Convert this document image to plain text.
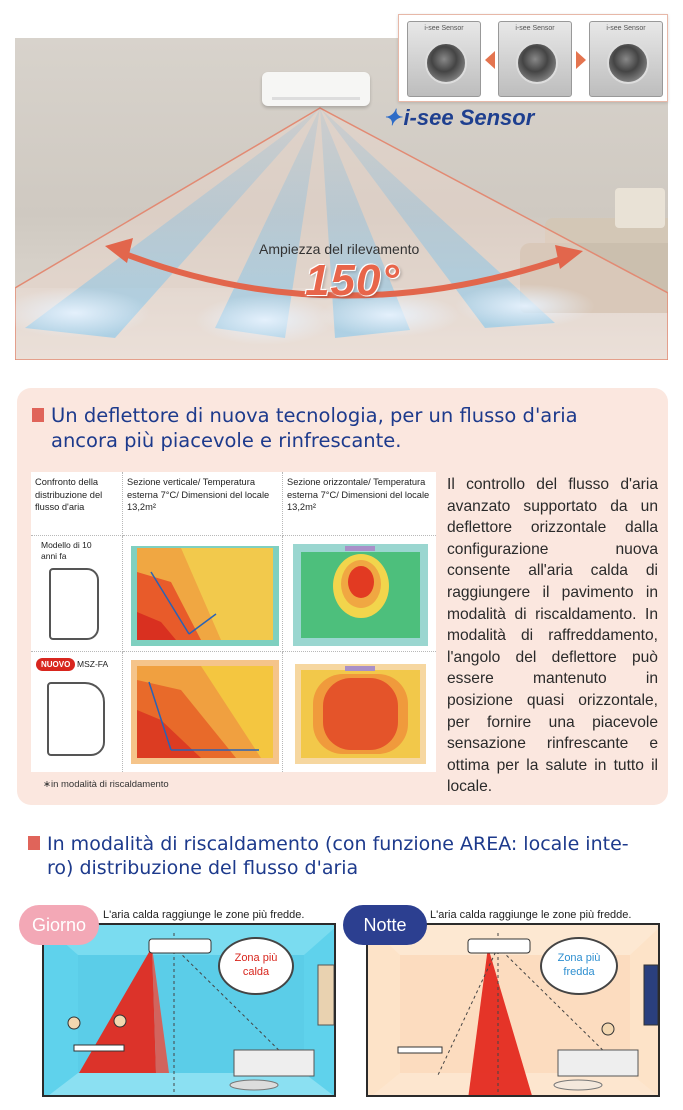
Ampiezza del rilevamento
150°
i-see Sensor	i-see Sensor	i-see Sensor
✦i-see Sensor
Un deflettore di nuova tecnologia, per un flusso d'aria
ancora più piacevole e rinfrescante.
Confronto della distribuzione del flusso d'aria
Sezione verticale/ Temperatura esterna 7°C/ Dimensioni del locale 13,2m²
Sezione orizzontale/ Temperatura esterna 7°C/ Dimensioni del locale 13,2m²
Modello di 10 anni fa
NUOVO MSZ-FA
∗in modalità di riscaldamento
Il controllo del flusso d'aria avanzato supportato da un deflettore orizzontale dalla configurazione nuova consente all'aria calda di raggiungere il pavimento in modalità di riscaldamento. In modalità di raffreddamento, l'angolo del deflettore può essere mantenuto in posizione quasi orizzontale, per fornire una piacevole sensazione rinfrescante e ottima per la salute in tutto il locale.
In modalità di riscaldamento (con funzione AREA: locale inte-
ro) distribuzione del flusso d'aria
Giorno	L'aria calda raggiunge le zone più fredde.
Zona più
calda
Notte	L'aria calda raggiunge le zone più fredde.
Zona più
fredda
